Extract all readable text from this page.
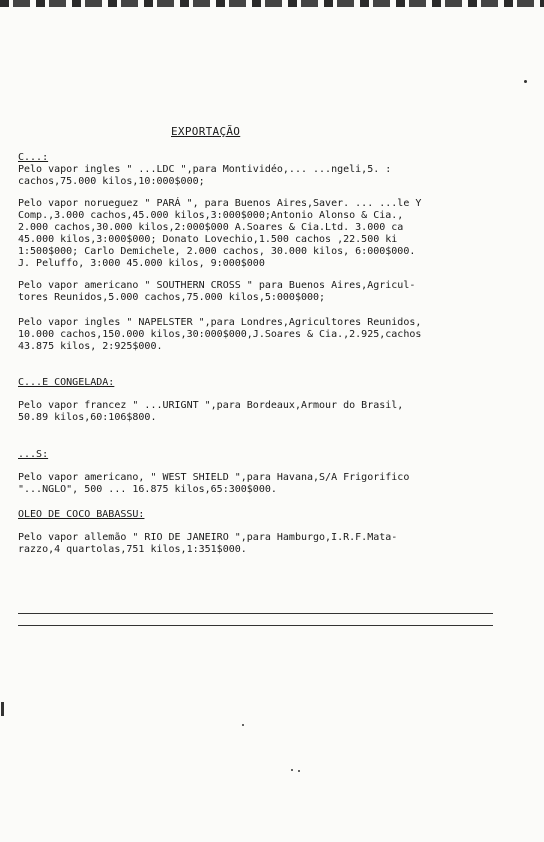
EXPORTAÇÃO
C...:
Pelo vapor ingles " ...LDC ",para Montividéo,... ...ngeli,5. :
cachos,75.000 kilos,10:000$000;
Pelo vapor norueguez " PARÁ ", para Buenos Aires,Saver. ... ...le Y
Comp.,3.000 cachos,45.000 kilos,3:000$000;Antonio Alonso & Cia.,
2.000 cachos,30.000 kilos,2:000$000 A.Soares & Cia.Ltd. 3.000 ca
45.000 kilos,3:000$000; Donato Lovechio,1.500 cachos ,22.500 ki
1:500$000; Carlo Demichele, 2.000 cachos, 30.000 kilos, 6:000$000.
J. Peluffo, 3:000 45.000 kilos, 9:000$000
Pelo vapor americano " SOUTHERN CROSS " para Buenos Aires,Agricul-
tores Reunidos,5.000 cachos,75.000 kilos,5:000$000;
Pelo vapor ingles " NAPELSTER ",para Londres,Agricultores Reunidos,
10.000 cachos,150.000 kilos,30:000$000,J.Soares & Cia.,2.925,cachos
43.875 kilos, 2:925$000.
C...E CONGELADA:
Pelo vapor francez " ...URIGNT ",para Bordeaux,Armour do Brasil,
50.89 kilos,60:106$800.
...S:
Pelo vapor americano, " WEST SHIELD ",para Havana,S/A Frigorifico
"...NGLO", 500 ... 16.875 kilos,65:300$000.
OLEO DE COCO BABASSU:
Pelo vapor allemão " RIO DE JANEIRO ",para Hamburgo,I.R.F.Mata-
razzo,4 quartolas,751 kilos,1:351$000.
